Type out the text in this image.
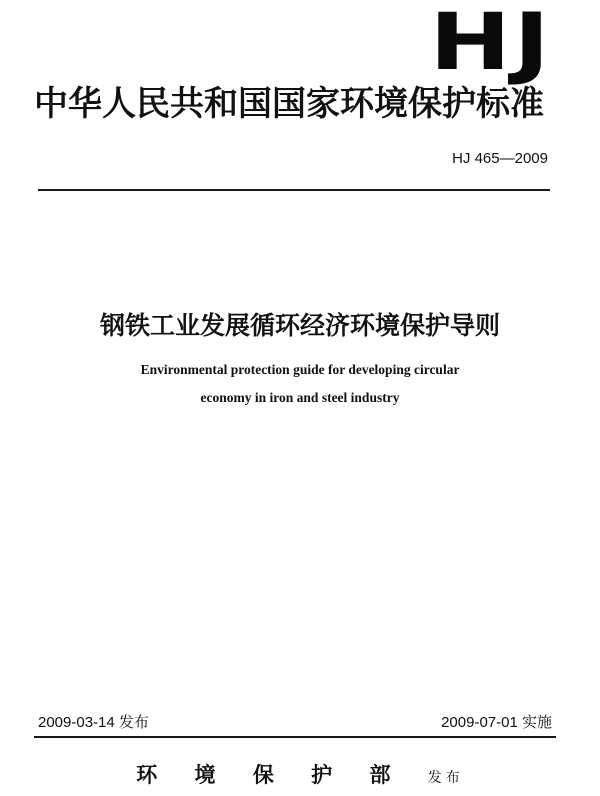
HJ
中华人民共和国国家环境保护标准
HJ 465—2009
钢铁工业发展循环经济环境保护导则
Environmental protection guide for developing circular
economy in iron and steel industry
2009-03-14 发布	2009-07-01 实施
环 境 保 护 部 发布
